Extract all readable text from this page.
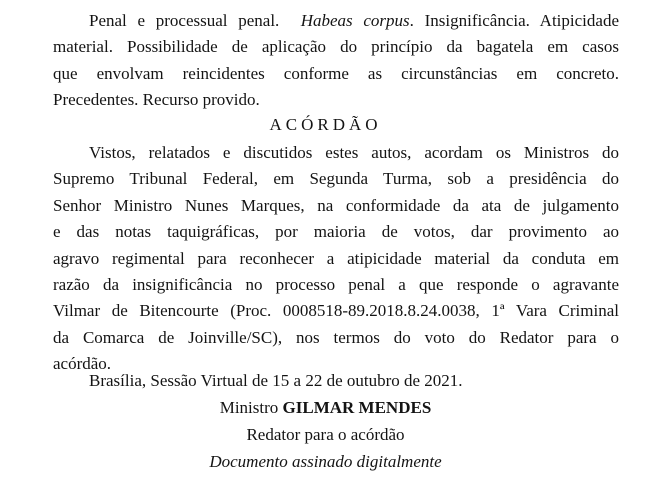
Penal e processual penal. Habeas corpus. Insignificância. Atipicidade
material. Possibilidade de aplicação do princípio da bagatela em casos
que envolvam reincidentes conforme as circunstâncias em concreto.
Precedentes. Recurso provido.
ACÓRDÃO
Vistos, relatados e discutidos estes autos, acordam os Ministros do
Supremo Tribunal Federal, em Segunda Turma, sob a presidência do
Senhor Ministro Nunes Marques, na conformidade da ata de julgamento
e das notas taquigráficas, por maioria de votos, dar provimento ao
agravo regimental para reconhecer a atipicidade material da conduta em
razão da insignificância no processo penal a que responde o agravante
Vilmar de Bitencourte (Proc. 0008518-89.2018.8.24.0038, 1ª Vara Criminal
da Comarca de Joinville/SC), nos termos do voto do Redator para o
acórdão.
Brasília, Sessão Virtual de 15 a 22 de outubro de 2021.
Ministro GILMAR MENDES
Redator para o acórdão
Documento assinado digitalmente
